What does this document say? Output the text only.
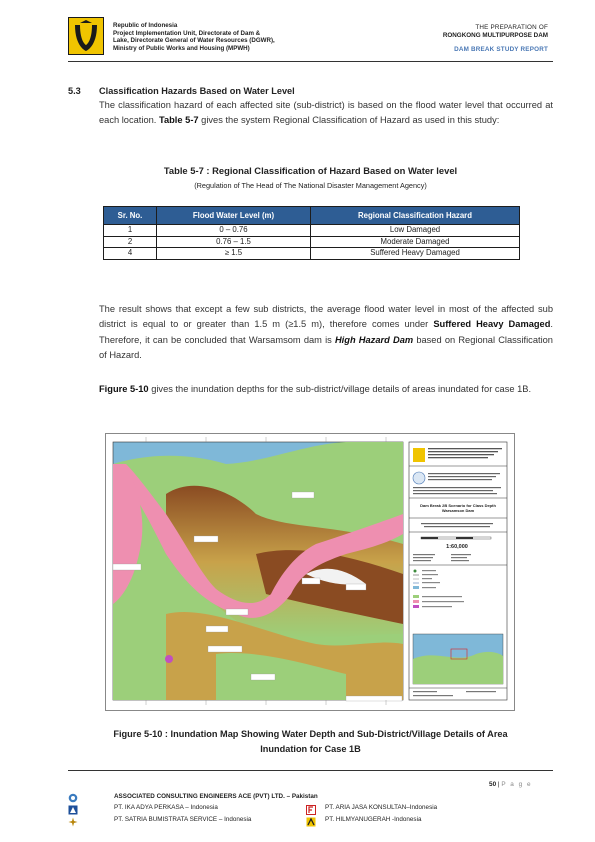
Republic of Indonesia
Project Implementation Unit, Directorate of Dam &
Lake, Directorate General of Water Resources (DGWR),
Ministry of Public Works and Housing (MPWH)
THE PREPARATION OF
RONGKONG MULTIPURPOSE DAM
DAM BREAK STUDY REPORT
5.3 Classification Hazards Based on Water Level
The classification hazard of each affected site (sub-district) is based on the flood water level that occurred at each location. Table 5-7 gives the system Regional Classification of Hazard as used in this study:
Table 5-7 : Regional Classification of Hazard Based on Water level
(Regulation of The Head of The National Disaster Management Agency)
Sr. No.	Flood Water Level (m)	Regional Classification Hazard
1	0 – 0.76	Low Damaged
2	0.76 – 1.5	Moderate Damaged
4	≥ 1.5	Suffered Heavy Damaged
The result shows that except a few sub districts, the average flood water level in most of the affected sub district is equal to or greater than 1.5 m (≥1.5 m), therefore comes under Suffered Heavy Damaged. Therefore, it can be concluded that Warsamsom dam is High Hazard Dam based on Regional Classification of Hazard.
Figure 5-10 gives the inundation depths for the sub-district/village details of areas inundated for case 1B.
Dam Break 2B Scenario for Class Depth
Warsamson Dam
1:60,000
Figure 5-10 : Inundation Map Showing Water Depth and Sub-District/Village Details of Area
Inundation for Case 1B
50 | P a g e
ASSOCIATED CONSULTING ENGINEERS ACE (PVT) LTD. – Pakistan
PT. IKA ADYA PERKASA – Indonesia	PT. ARIA JASA KONSULTAN–Indonesia
PT. SATRIA BUMISTRATA SERVICE – Indonesia	PT. HILMYANUGERAH -Indonesia
